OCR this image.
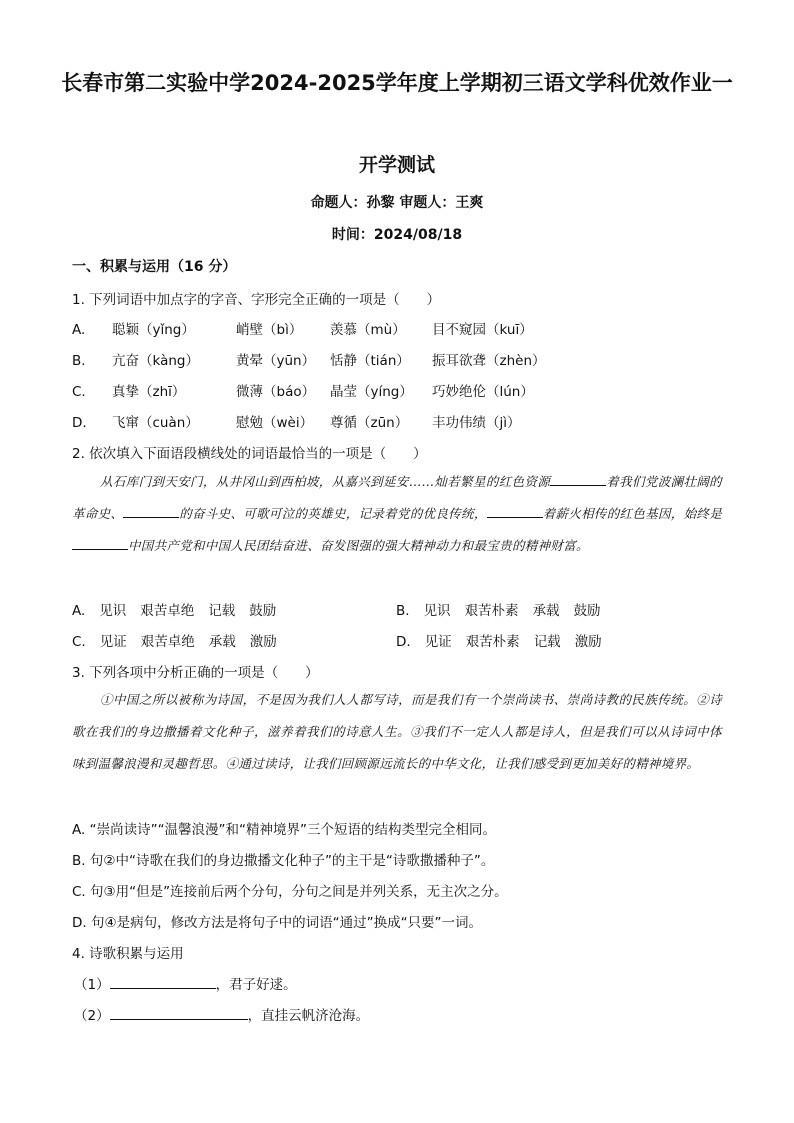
长春市第二实验中学2024-2025学年度上学期初三语文学科优效作业一
开学测试
命题人：孙黎 审题人：王爽
时间：2024/08/18
一、积累与运用（16 分）
1. 下列词语中加点字的字音、字形完全正确的一项是（　　）
A. 聪颖（yǐng）	峭壁（bì） 羡慕（mù） 目不窥园（kuī）
B. 亢奋（kàng）	黄晕（yūn） 恬静（tián） 振耳欲聋（zhèn）
C. 真挚（zhī）	微薄（báo） 晶莹（yíng） 巧妙绝伦（lún）
D. 飞窜（cuàn）	慰勉（wèi） 尊循（zūn） 丰功伟绩（jì）
2. 依次填入下面语段横线处的词语最恰当的一项是（　　）

从石库门到天安门，从井冈山到西柏坡，从嘉兴到延安……灿若繁星的红色资源	着我们党波澜壮阔的革命史、	的奋斗史、可歌可泣的英雄史，记录着党的优良传统，	着薪火相传的红色基因，始终是中国共产党和中国人民团结奋进、奋发图强的强大精神动力和最宝贵的精神财富。

A. 见识 艰苦卓绝 记载 鼓励	B. 见识 艰苦朴素 承载 鼓励
C. 见证 艰苦卓绝 承载 激励	D. 见证 艰苦朴素 记载 激励
3. 下列各项中分析正确的一项是（　　）

①中国之所以被称为诗国，不是因为我们人人都写诗，而是我们有一个崇尚读书、崇尚诗教的民族传统。②诗歌在我们的身边撒播着文化种子，滋养着我们的诗意人生。③我们不一定人人都是诗人，但是我们可以从诗词中体味到温馨浪漫和灵趣哲思。④通过读诗，让我们回顾源远流长的中华文化，让我们感受到更加美好的精神境界。

A. “崇尚读诗”“温馨浪漫”和“精神境界”三个短语的结构类型完全相同。
B. 句②中“诗歌在我们的身边撒播文化种子”的主干是“诗歌撒播种子”。
C. 句③用“但是”连接前后两个分句，分句之间是并列关系，无主次之分。
D. 句④是病句，修改方法是将句子中的词语“通过”换成“只要”一词。
4. 诗歌积累与运用
（1）	，君子好逑。
（2）	，直挂云帆济沧海。
